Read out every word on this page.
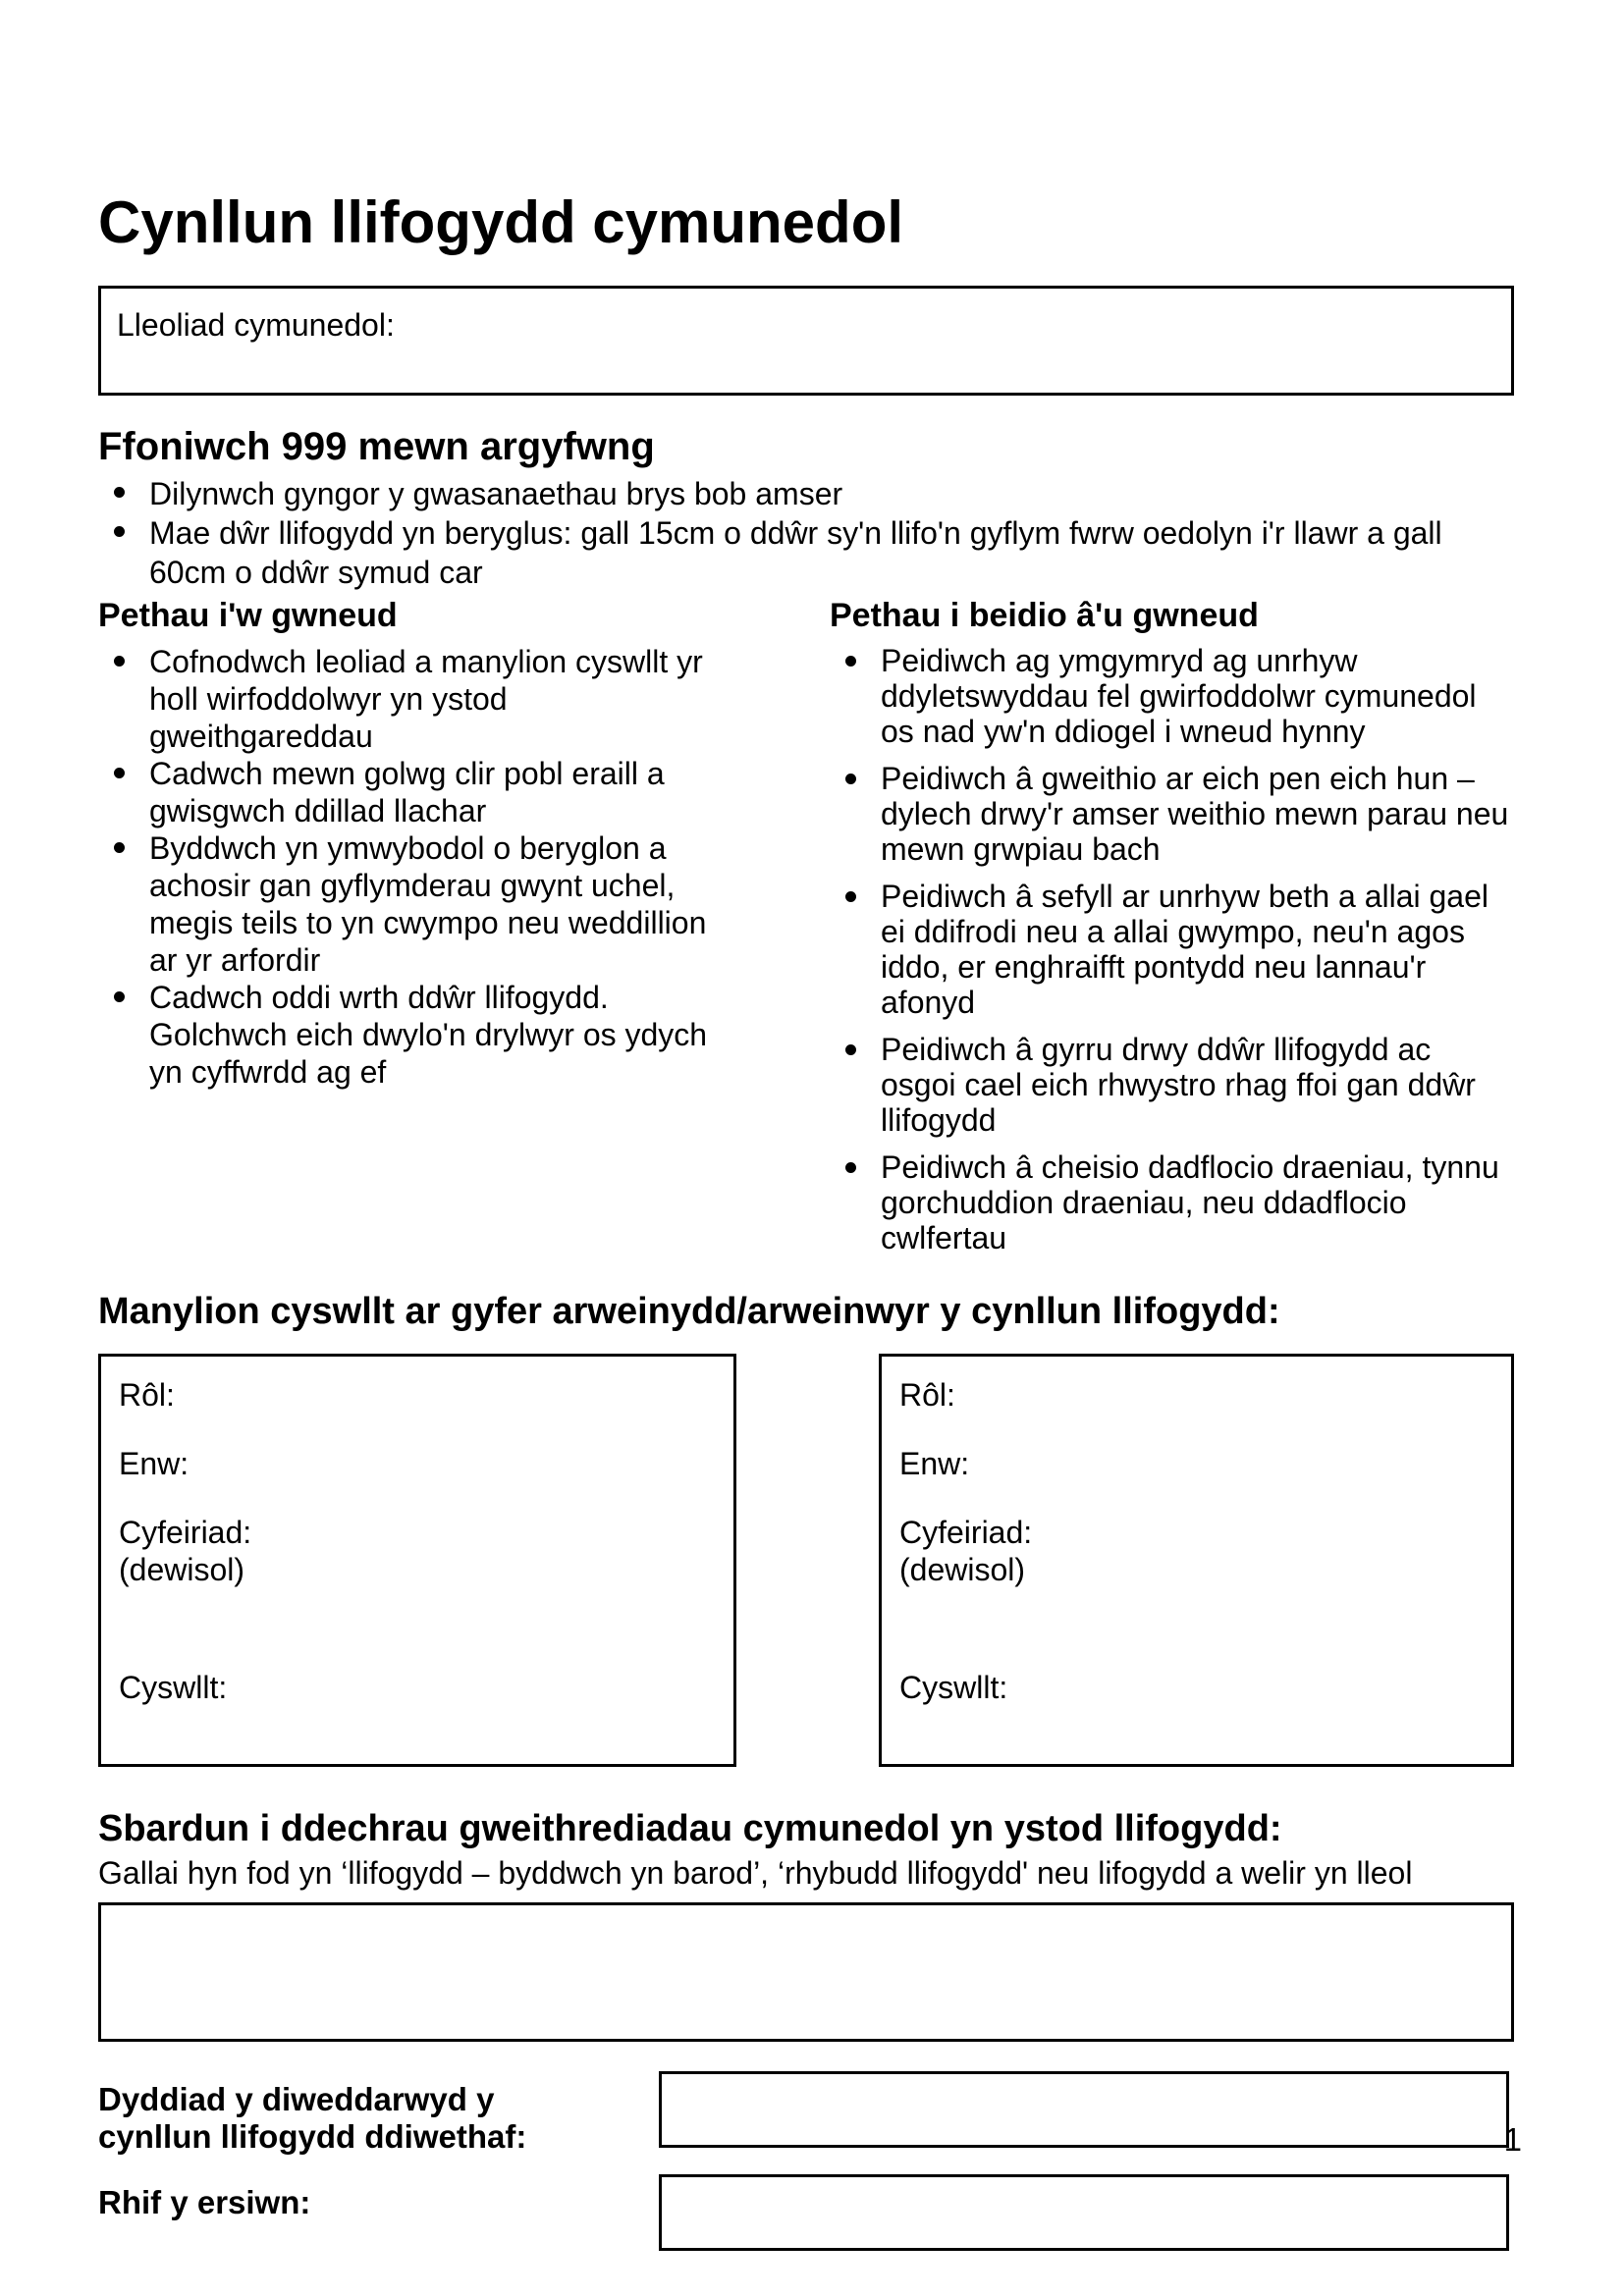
Cynllun llifogydd cymunedol
Lleoliad cymunedol:
Ffoniwch 999 mewn argyfwng
Dilynwch gyngor y gwasanaethau brys bob amser
Mae dŵr llifogydd yn beryglus: gall 15cm o ddŵr sy'n llifo'n gyflym fwrw oedolyn i'r llawr a gall 60cm o ddŵr symud car
Pethau i'w gwneud
Cofnodwch leoliad a manylion cyswllt yr holl wirfoddolwyr yn ystod gweithgareddau
Cadwch mewn golwg clir pobl eraill a gwisgwch ddillad llachar
Byddwch yn ymwybodol o beryglon a achosir gan gyflymderau gwynt uchel, megis teils to yn cwympo neu weddillion ar yr arfordir
Cadwch oddi wrth ddŵr llifogydd. Golchwch eich dwylo'n drylwyr os ydych yn cyffwrdd ag ef
Pethau i beidio â'u gwneud
Peidiwch ag ymgymryd ag unrhyw ddyletswyddau fel gwirfoddolwr cymunedol os nad yw'n ddiogel i wneud hynny
Peidiwch â gweithio ar eich pen eich hun – dylech drwy'r amser weithio mewn parau neu mewn grwpiau bach
Peidiwch â sefyll ar unrhyw beth a allai gael ei ddifrodi neu a allai gwympo, neu'n agos iddo, er enghraifft pontydd neu lannau'r afonyd
Peidiwch â gyrru drwy ddŵr llifogydd ac osgoi cael eich rhwystro rhag ffoi gan ddŵr llifogydd
Peidiwch â cheisio dadflocio draeniau, tynnu gorchuddion draeniau, neu ddadflocio cwlfertau
Manylion cyswllt ar gyfer arweinydd/arweinwyr y cynllun llifogydd:
Rôl:
Enw:
Cyfeiriad:
(dewisol)
Cyswllt:
Rôl:
Enw:
Cyfeiriad:
(dewisol)
Cyswllt:
Sbardun i ddechrau gweithrediadau cymunedol yn ystod llifogydd:
Gallai hyn fod yn ‘llifogydd – byddwch yn barod’, ‘rhybudd llifogydd' neu lifogydd a welir yn lleol
Dyddiad y diweddarwyd y cynllun llifogydd ddiwethaf:
Rhif y ersiwn:
1
